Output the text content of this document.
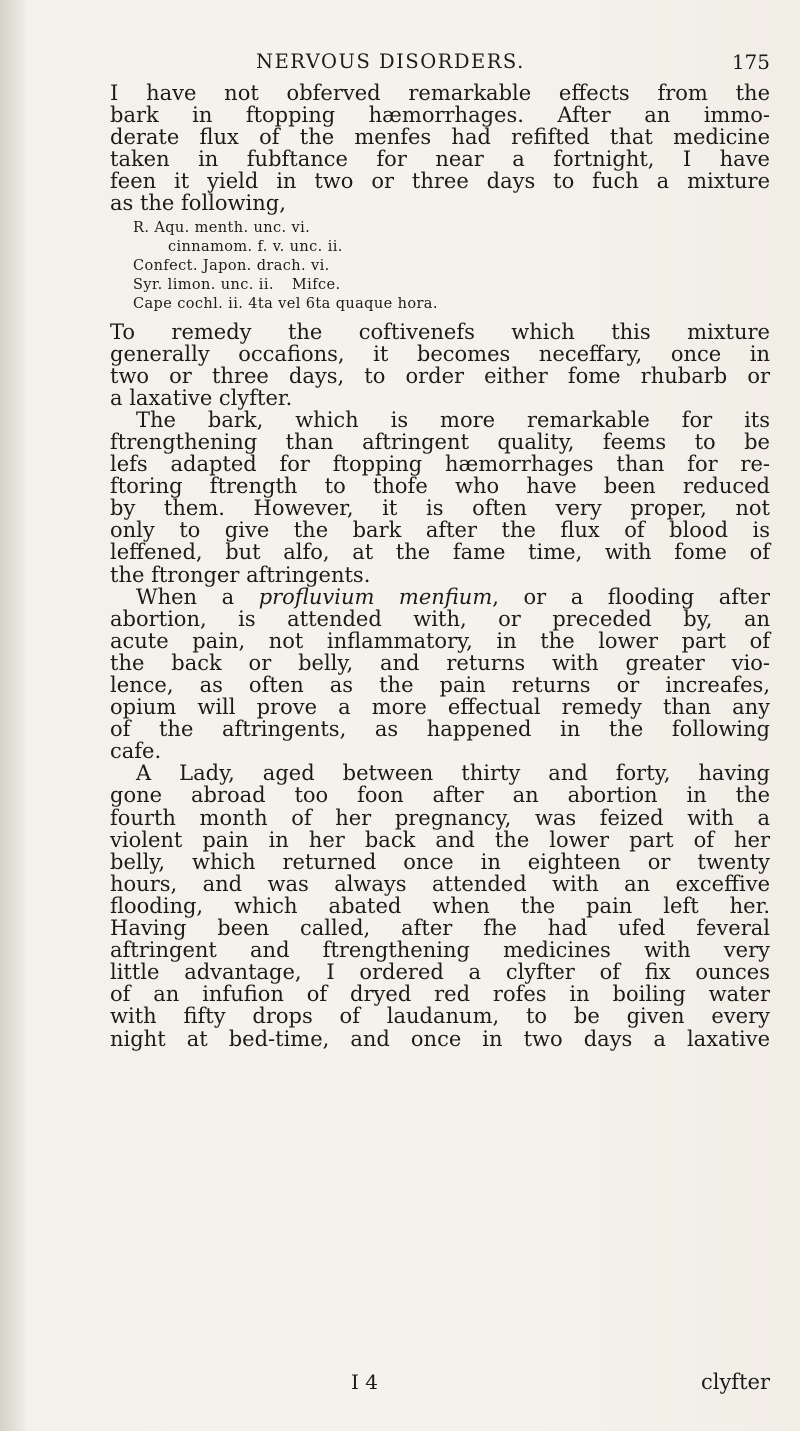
NERVOUS DISORDERS.	175
I have not obferved remarkable effects from the
bark in ftopping hæmorrhages. After an immo-
derate flux of the menfes had refifted that medicine
taken in fubftance for near a fortnight, I have
feen it yield in two or three days to fuch a mixture
as the following,
R. Aqu. menth. unc. vi.
cinnamom. f. v. unc. ii.
Confect. Japon. drach. vi.
Syr. limon. unc. ii. Mifce.
Cape cochl. ii. 4ta vel 6ta quaque hora.
To remedy the coftivenefs which this mixture
generally occafions, it becomes neceffary, once in
two or three days, to order either fome rhubarb or
a laxative clyfter.
The bark, which is more remarkable for its
ftrengthening than aftringent quality, feems to be
lefs adapted for ftopping hæmorrhages than for re-
ftoring ftrength to thofe who have been reduced
by them. However, it is often very proper, not
only to give the bark after the flux of blood is
leffened, but alfo, at the fame time, with fome of
the ftronger aftringents.
When a profluvium menfium, or a flooding after
abortion, is attended with, or preceded by, an
acute pain, not inflammatory, in the lower part of
the back or belly, and returns with greater vio-
lence, as often as the pain returns or increafes,
opium will prove a more effectual remedy than any
of the aftringents, as happened in the following
cafe.
A Lady, aged between thirty and forty, having
gone abroad too foon after an abortion in the
fourth month of her pregnancy, was feized with a
violent pain in her back and the lower part of her
belly, which returned once in eighteen or twenty
hours, and was always attended with an exceffive
flooding, which abated when the pain left her.
Having been called, after fhe had ufed feveral
aftringent and ftrengthening medicines with very
little advantage, I ordered a clyfter of fix ounces
of an infufion of dryed red rofes in boiling water
with fifty drops of laudanum, to be given every
night at bed-time, and once in two days a laxative
I 4	clyfter
